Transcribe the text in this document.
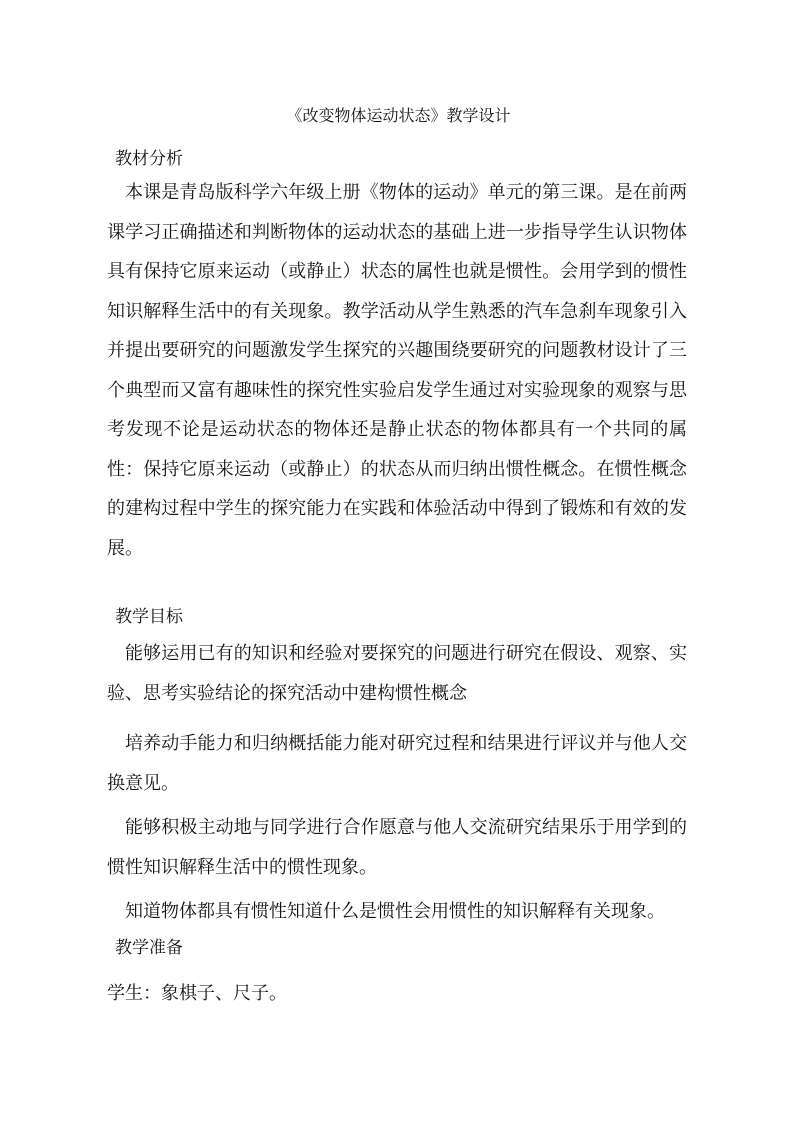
《改变物体运动状态》教学设计
教材分析

本课是青岛版科学六年级上册《物体的运动》单元的第三课。是在前两课学习正确描述和判断物体的运动状态的基础上进一步指导学生认识物体具有保持它原来运动（或静止）状态的属性也就是惯性。会用学到的惯性知识解释生活中的有关现象。教学活动从学生熟悉的汽车急刹车现象引入并提出要研究的问题激发学生探究的兴趣围绕要研究的问题教材设计了三个典型而又富有趣味性的探究性实验启发学生通过对实验现象的观察与思考发现不论是运动状态的物体还是静止状态的物体都具有一个共同的属性：保持它原来运动（或静止）的状态从而归纳出惯性概念。在惯性概念的建构过程中学生的探究能力在实践和体验活动中得到了锻炼和有效的发展。

教学目标

能够运用已有的知识和经验对要探究的问题进行研究在假设、观察、实验、思考实验结论的探究活动中建构惯性概念

培养动手能力和归纳概括能力能对研究过程和结果进行评议并与他人交换意见。

能够积极主动地与同学进行合作愿意与他人交流研究结果乐于用学到的惯性知识解释生活中的惯性现象。

知道物体都具有惯性知道什么是惯性会用惯性的知识解释有关现象。

教学准备
学生：象棋子、尺子。
